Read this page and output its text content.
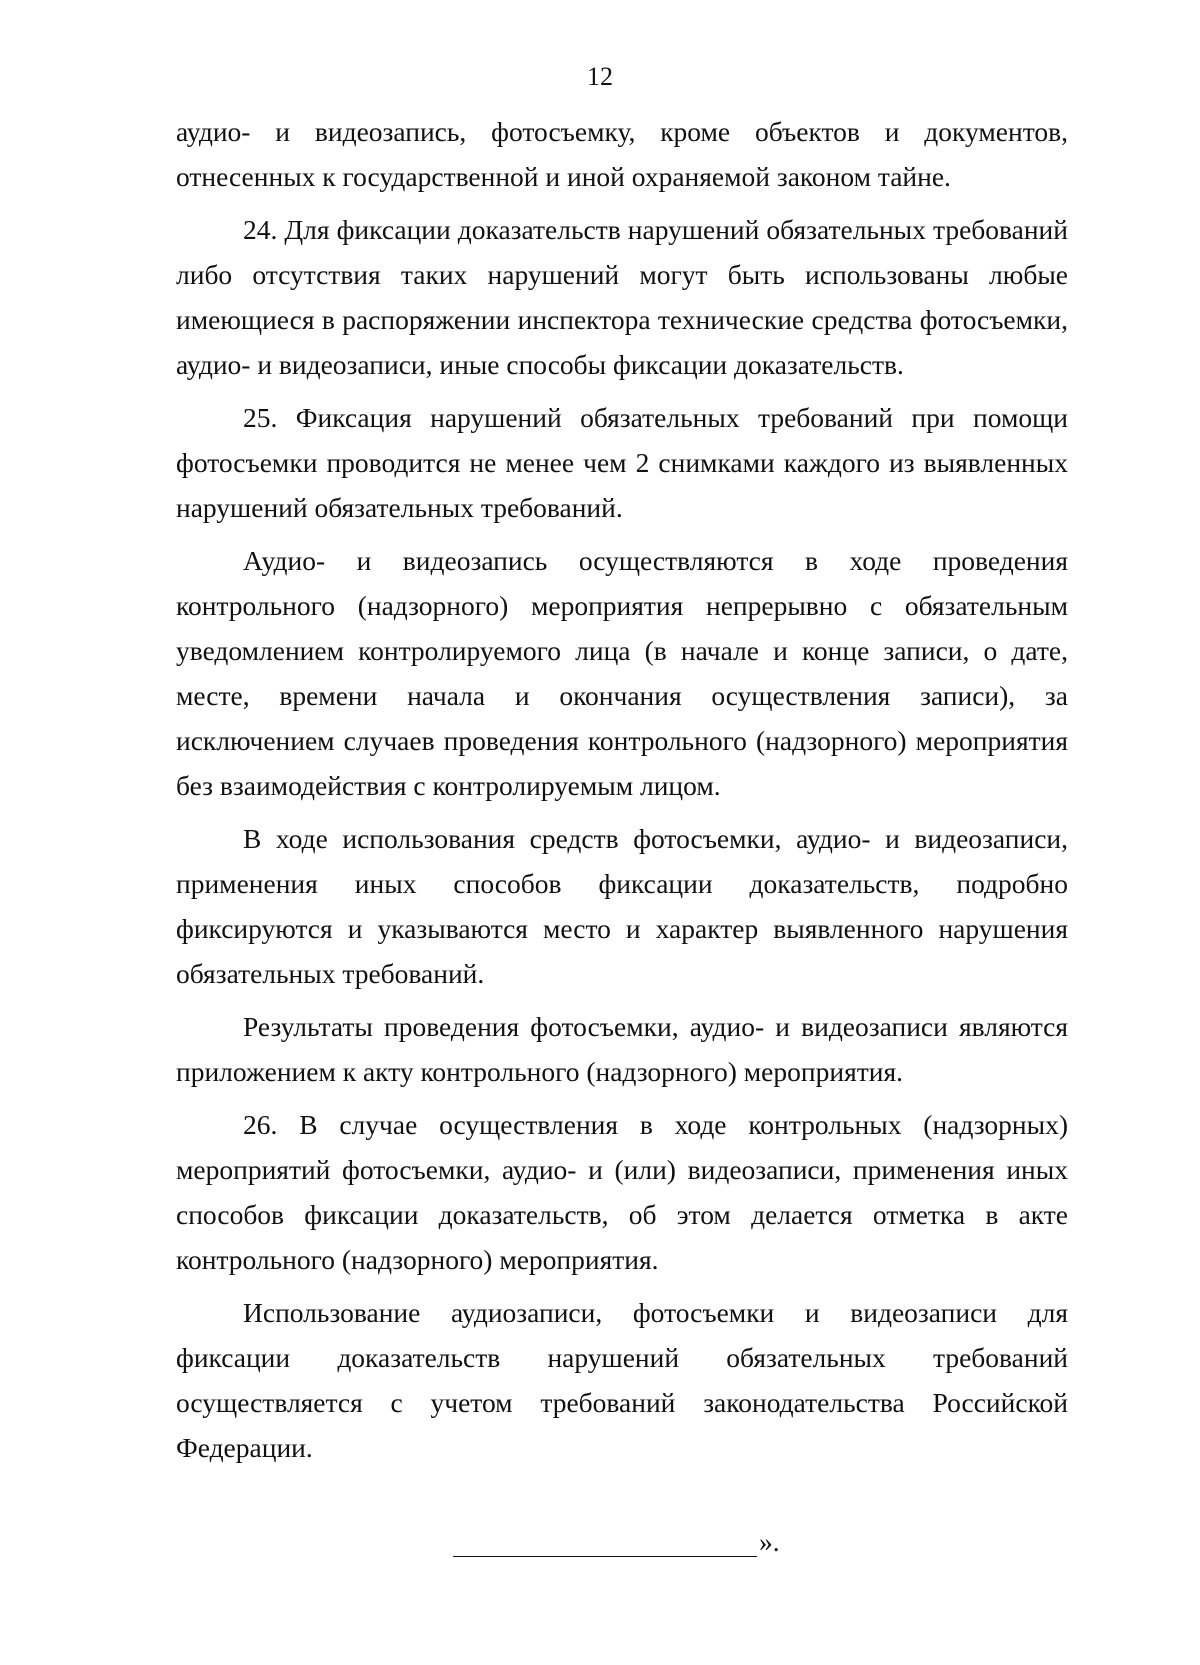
12

аудио- и видеозапись, фотосъемку, кроме объектов и документов, отнесенных к государственной и иной охраняемой законом тайне.

24. Для фиксации доказательств нарушений обязательных требований либо отсутствия таких нарушений могут быть использованы любые имеющиеся в распоряжении инспектора технические средства фотосъемки, аудио- и видеозаписи, иные способы фиксации доказательств.

25. Фиксация нарушений обязательных требований при помощи фотосъемки проводится не менее чем 2 снимками каждого из выявленных нарушений обязательных требований.

Аудио- и видеозапись осуществляются в ходе проведения контрольного (надзорного) мероприятия непрерывно с обязательным уведомлением контролируемого лица (в начале и конце записи, о дате, месте, времени начала и окончания осуществления записи), за исключением случаев проведения контрольного (надзорного) мероприятия без взаимодействия с контролируемым лицом.

В ходе использования средств фотосъемки, аудио- и видеозаписи, применения иных способов фиксации доказательств, подробно фиксируются и указываются место и характер выявленного нарушения обязательных требований.

Результаты проведения фотосъемки, аудио- и видеозаписи являются приложением к акту контрольного (надзорного) мероприятия.

26. В случае осуществления в ходе контрольных (надзорных) мероприятий фотосъемки, аудио- и (или) видеозаписи, применения иных способов фиксации доказательств, об этом делается отметка в акте контрольного (надзорного) мероприятия.

Использование аудиозаписи, фотосъемки и видеозаписи для фиксации доказательств нарушений обязательных требований осуществляется с учетом требований законодательства Российской Федерации.

».
